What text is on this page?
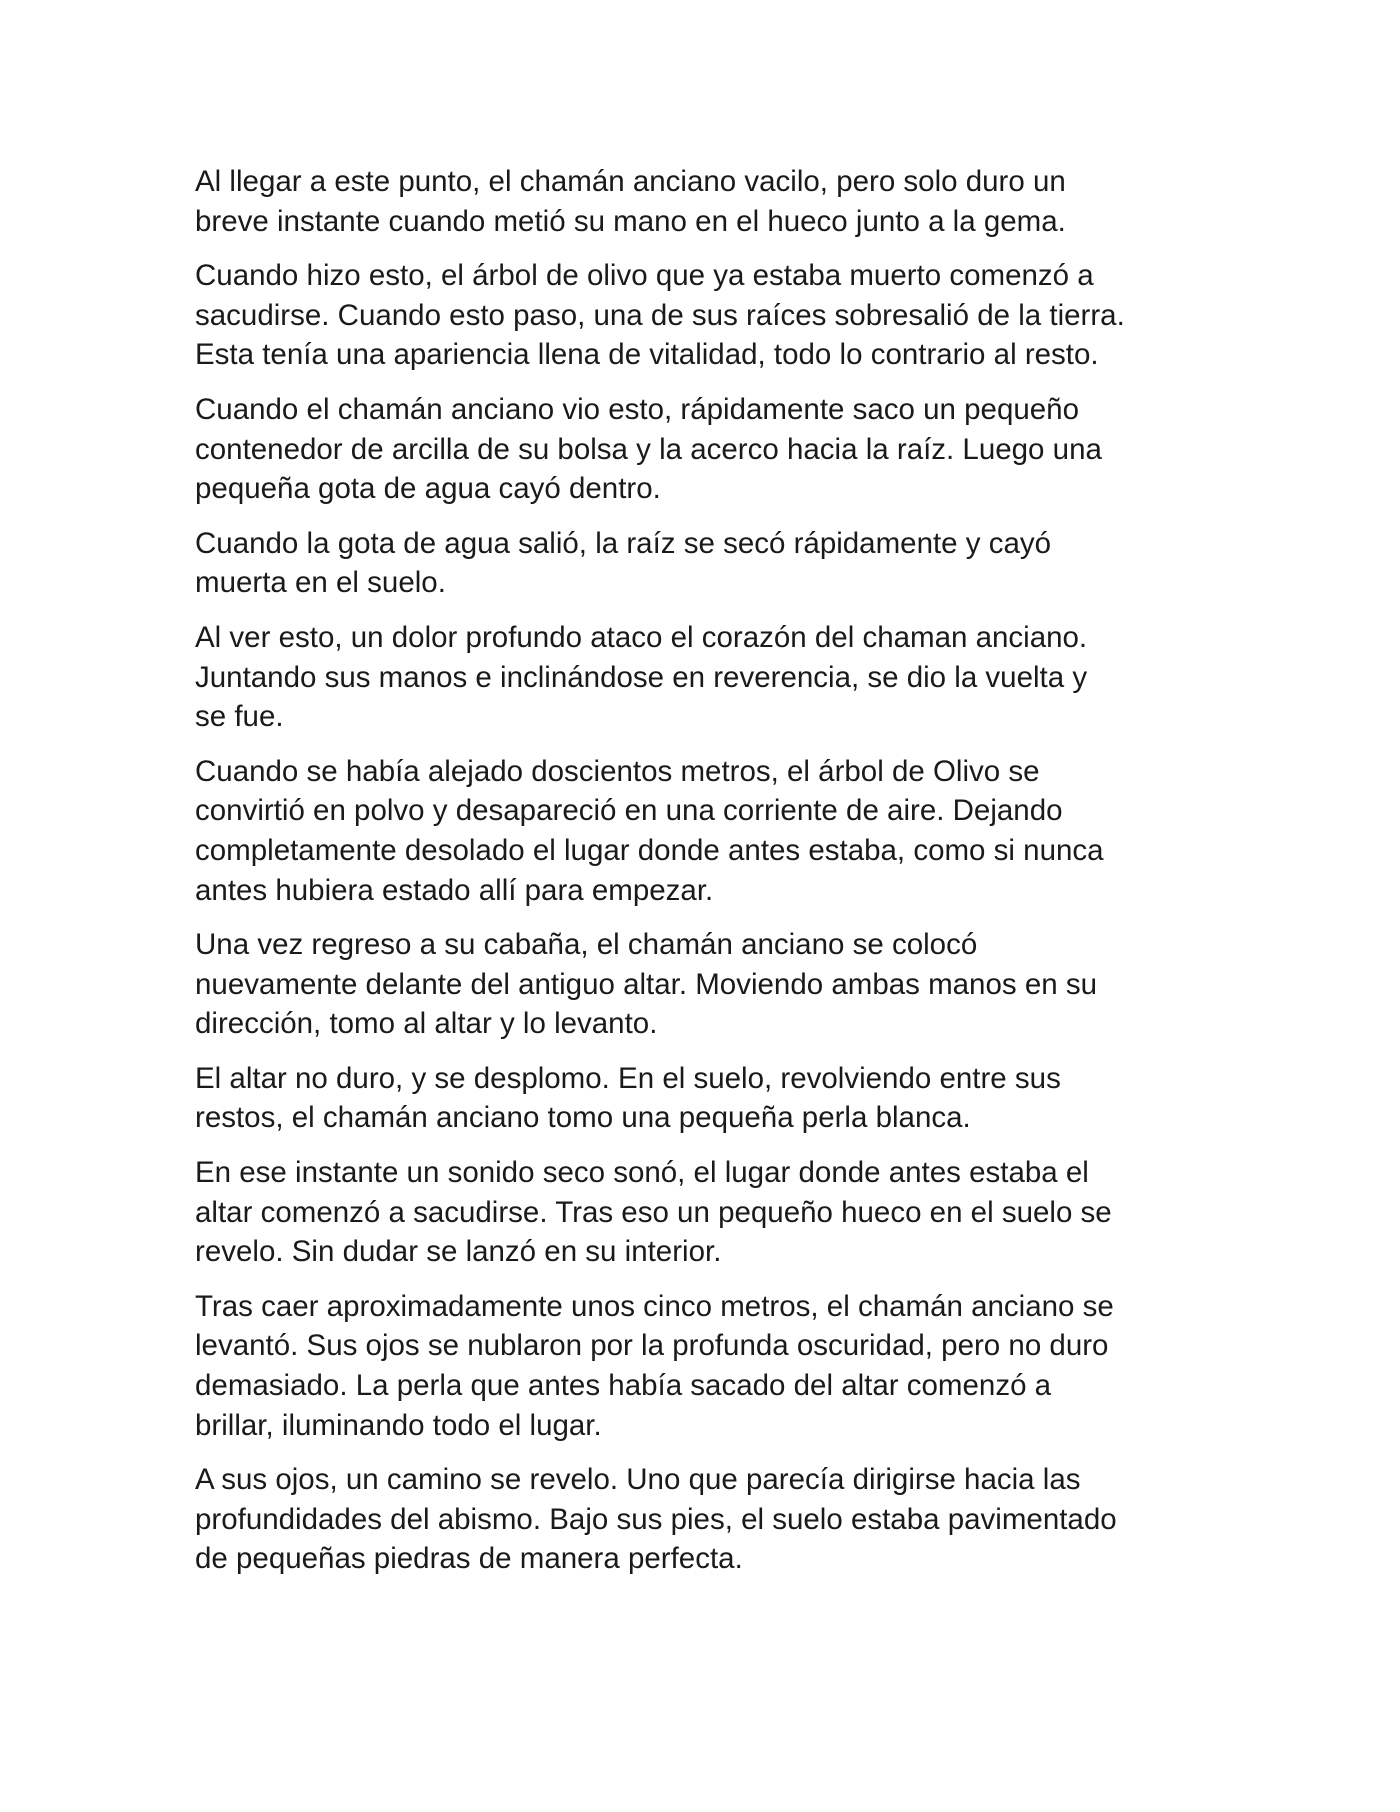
Al llegar a este punto, el chamán anciano vacilo, pero solo duro un
breve instante cuando metió su mano en el hueco junto a la gema.

Cuando hizo esto, el árbol de olivo que ya estaba muerto comenzó a
sacudirse. Cuando esto paso, una de sus raíces sobresalió de la tierra.
Esta tenía una apariencia llena de vitalidad, todo lo contrario al resto.

Cuando el chamán anciano vio esto, rápidamente saco un pequeño
contenedor de arcilla de su bolsa y la acerco hacia la raíz. Luego una
pequeña gota de agua cayó dentro.

Cuando la gota de agua salió, la raíz se secó rápidamente y cayó
muerta en el suelo.

Al ver esto, un dolor profundo ataco el corazón del chaman anciano.
Juntando sus manos e inclinándose en reverencia, se dio la vuelta y
se fue.

Cuando se había alejado doscientos metros, el árbol de Olivo se
convirtió en polvo y desapareció en una corriente de aire. Dejando
completamente desolado el lugar donde antes estaba, como si nunca
antes hubiera estado allí para empezar.

Una vez regreso a su cabaña, el chamán anciano se colocó
nuevamente delante del antiguo altar. Moviendo ambas manos en su
dirección, tomo al altar y lo levanto.

El altar no duro, y se desplomo. En el suelo, revolviendo entre sus
restos, el chamán anciano tomo una pequeña perla blanca.

En ese instante un sonido seco sonó, el lugar donde antes estaba el
altar comenzó a sacudirse. Tras eso un pequeño hueco en el suelo se
revelo. Sin dudar se lanzó en su interior.

Tras caer aproximadamente unos cinco metros, el chamán anciano se
levantó. Sus ojos se nublaron por la profunda oscuridad, pero no duro
demasiado. La perla que antes había sacado del altar comenzó a
brillar, iluminando todo el lugar.

A sus ojos, un camino se revelo. Uno que parecía dirigirse hacia las
profundidades del abismo. Bajo sus pies, el suelo estaba pavimentado
de pequeñas piedras de manera perfecta.
